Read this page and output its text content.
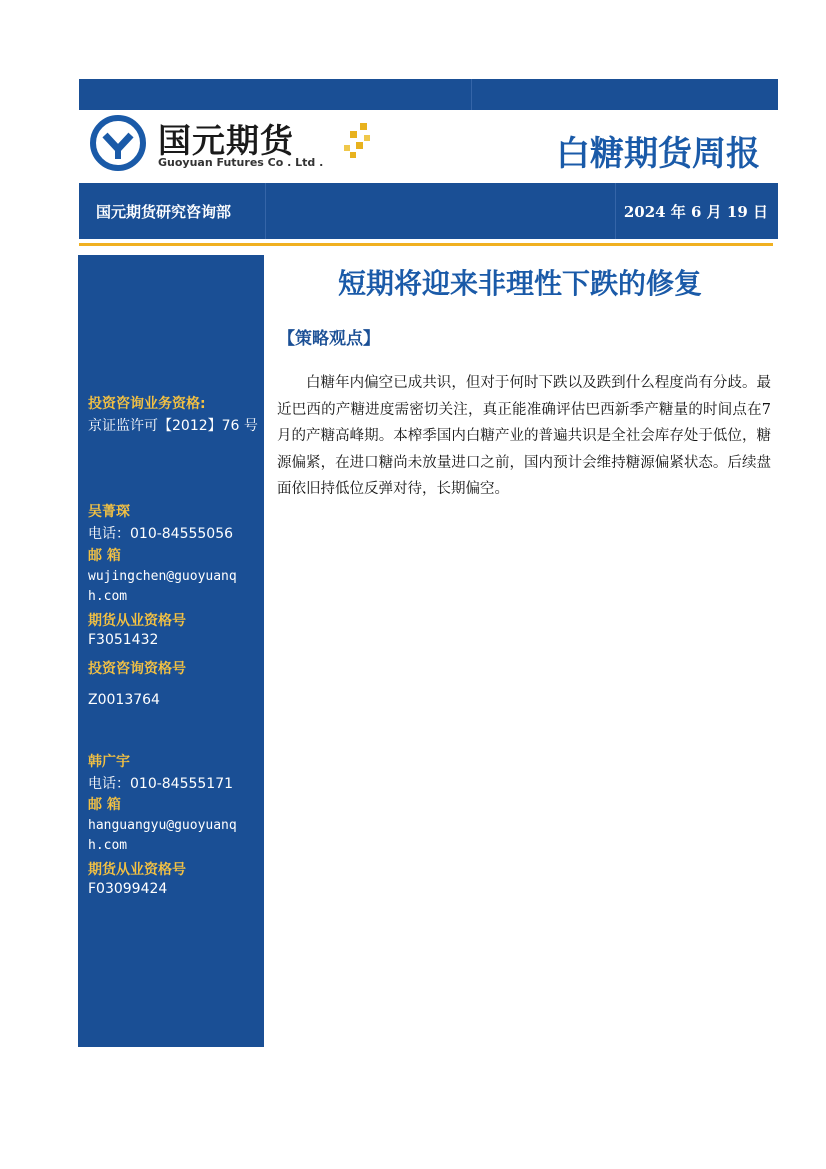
国元期货
Guoyuan Futures Co . Ltd .	白糖期货周报
国元期货研究咨询部	2024 年 6 月 19 日
投资咨询业务资格:
京证监许可【2012】76 号
吴菁琛
电话：010-84555056
邮 箱
wujingchen@guoyuanq
h.com
期货从业资格号
F3051432
投资咨询资格号
Z0013764
韩广宇
电话：010-84555171
邮 箱
hanguangyu@guoyuanq
h.com
期货从业资格号
F03099424
短期将迎来非理性下跌的修复
【策略观点】

白糖年内偏空已成共识，但对于何时下跌以及跌到什么程度尚有分歧。最近巴西的产糖进度需密切关注，真正能准确评估巴西新季产糖量的时间点在7月的产糖高峰期。本榨季国内白糖产业的普遍共识是全社会库存处于低位，糖源偏紧，在进口糖尚未放量进口之前，国内预计会维持糖源偏紧状态。后续盘面依旧持低位反弹对待，长期偏空。
